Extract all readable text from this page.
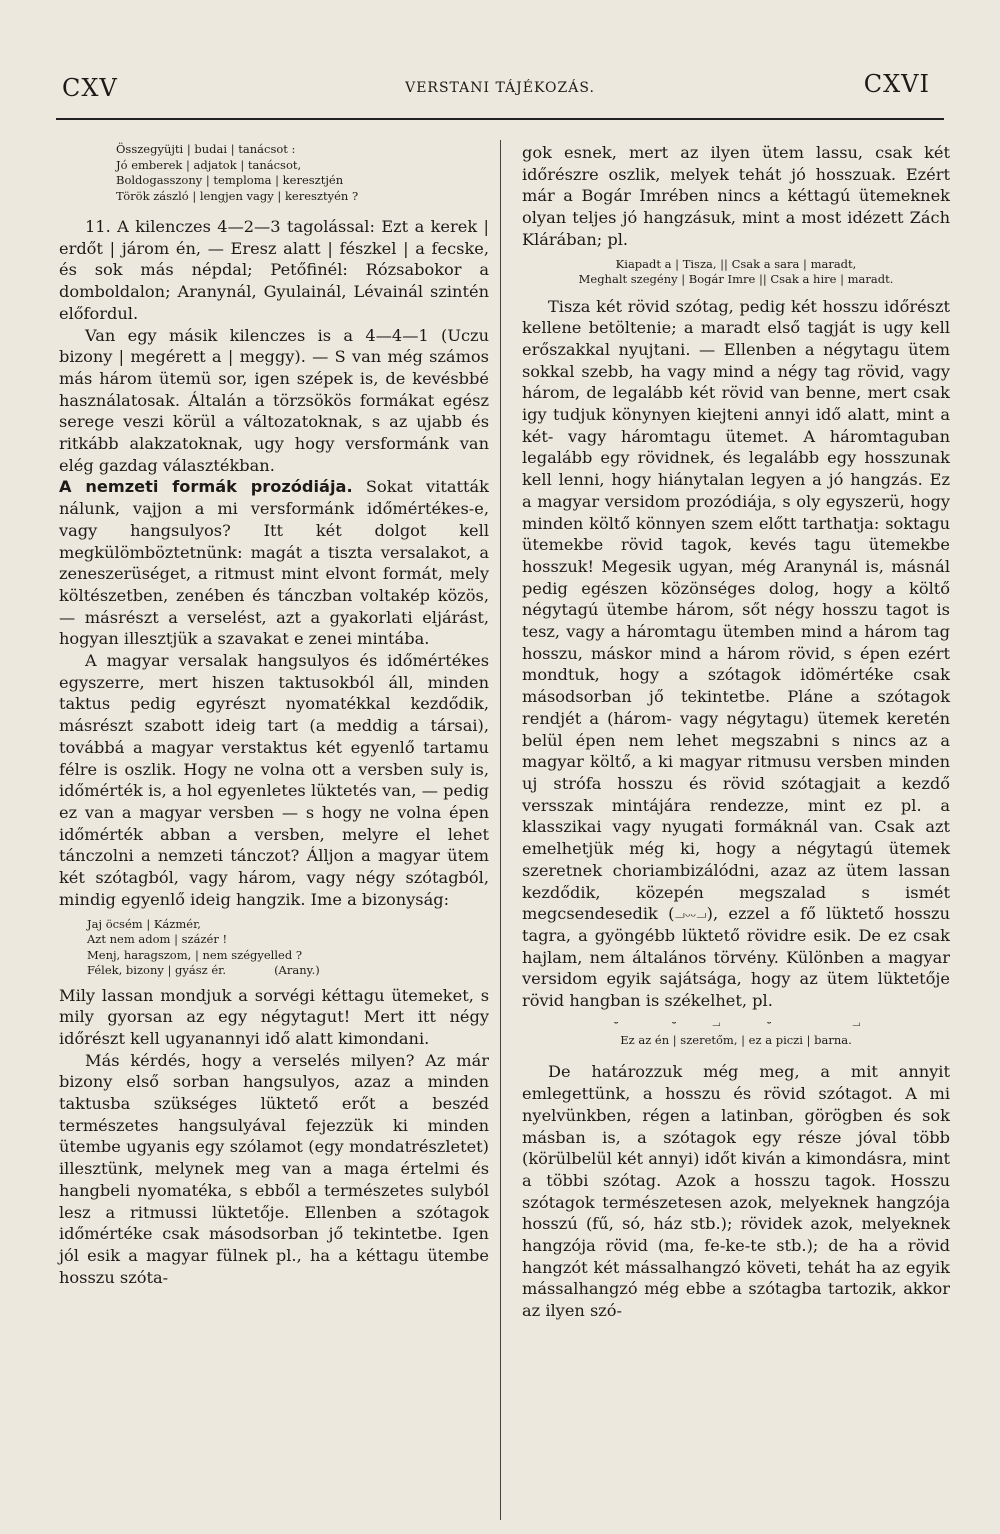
CXV	VERSTANI TÁJÉKOZÁS.	CXVI
Összegyüjti | budai | tanácsot :
Jó emberek | adjatok | tanácsot,
Boldogasszony | temploma | keresztjén
Török zászló | lengjen vagy | keresztyén ?

11. A kilenczes 4—2—3 tagolással: Ezt a kerek | erdőt | járom én, — Eresz alatt | fészkel | a fecske, és sok más népdal; Petőfinél: Rózsabokor a domboldalon; Aranynál, Gyulainál, Lévainál szintén előfordul.

Van egy másik kilenczes is a 4—4—1 (Uczu bizony | megérett a | meggy). — S van még számos más három ütemü sor, igen szépek is, de kevésbbé használatosak. Általán a törzsökös formákat egész serege veszi körül a változatoknak, s az ujabb és ritkább alakzatoknak, ugy hogy versformánk van elég gazdag választékban.

A nemzeti formák prozódiája. Sokat vitatták nálunk, vajjon a mi versformánk időmértékes-e, vagy hangsulyos? Itt két dolgot kell megkülömböztetnünk: magát a tiszta versalakot, a zeneszerüséget, a ritmust mint elvont formát, mely költészetben, zenében és tánczban voltakép közös, — másrészt a verselést, azt a gyakorlati eljárást, hogyan illesztjük a szavakat e zenei mintába.

A magyar versalak hangsulyos és időmértékes egyszerre, mert hiszen taktusokból áll, minden taktus pedig egyrészt nyomatékkal kezdődik, másrészt szabott ideig tart (a meddig a társai), továbbá a magyar verstaktus két egyenlő tartamu félre is oszlik. Hogy ne volna ott a versben suly is, időmérték is, a hol egyenletes lüktetés van, — pedig ez van a magyar versben — s hogy ne volna épen időmérték abban a versben, melyre el lehet tánczolni a nemzeti tánczot? Álljon a magyar ütem két szótagból, vagy három, vagy négy szótagból, mindig egyenlő ideig hangzik. Ime a bizonyság:

Jaj öcsém | Kázmér,
Azt nem adom | százér !
Menj, haragszom, | nem szégyelled ?
Félek, bizony | gyász ér.	(Arany.)

Mily lassan mondjuk a sorvégi kéttagu ütemeket, s mily gyorsan az egy négytagut! Mert itt négy időrészt kell ugyanannyi idő alatt kimondani.

Más kérdés, hogy a verselés milyen? Az már bizony első sorban hangsulyos, azaz a minden taktusba szükséges lüktető erőt a beszéd természetes hangsulyával fejezzük ki minden ütembe ugyanis egy szólamot (egy mondatrészletet) illesztünk, melynek meg van a maga értelmi és hangbeli nyomatéka, s ebből a természetes sulyból lesz a ritmussi lüktetője. Ellenben a szótagok időmértéke csak másodsorban jő tekintetbe. Igen jól esik a magyar fülnek pl., ha a kéttagu ütembe hosszu szóta-

gok esnek, mert az ilyen ütem lassu, csak két időrészre oszlik, melyek tehát jó hosszuak. Ezért már a Bogár Imrében nincs a kéttagú ütemeknek olyan teljes jó hangzásuk, mint a most idézett Zách Klárában; pl.

Kiapadt a | Tisza, || Csak a sara | maradt,
Meghalt szegény | Bogár Imre || Csak a hire | maradt.

Tisza két rövid szótag, pedig két hosszu időrészt kellene betöltenie; a maradt első tagját is ugy kell erőszakkal nyujtani. — Ellenben a négytagu ütem sokkal szebb, ha vagy mind a négy tag rövid, vagy három, de legalább két rövid van benne, mert csak igy tudjuk könynyen kiejteni annyi idő alatt, mint a két- vagy háromtagu ütemet. A háromtaguban legalább egy rövidnek, és legalább egy hosszunak kell lenni, hogy hiánytalan legyen a jó hangzás. Ez a magyar versidom prozódiája, s oly egyszerü, hogy minden költő könnyen szem előtt tarthatja: soktagu ütemekbe rövid tagok, kevés tagu ütemekbe hosszuk! Megesik ugyan, még Aranynál is, másnál pedig egészen közönséges dolog, hogy a költő négytagú ütembe három, sőt négy hosszu tagot is tesz, vagy a háromtagu ütemben mind a három tag hosszu, máskor mind a három rövid, s épen ezért mondtuk, hogy a szótagok idömértéke csak másodsorban jő tekintetbe. Pláne a szótagok rendjét a (három- vagy négytagu) ütemek keretén belül épen nem lehet megszabni s nincs az a magyar költő, a ki magyar ritmusu versben minden uj strófa hosszu és rövid szótagjait a kezdő versszak mintájára rendezze, mint ez pl. a klasszikai vagy nyugati formáknál van. Csak azt emelhetjük még ki, hogy a négytagú ütemek szeretnek choriambizálódni, azaz az ütem lassan kezdődik, közepén megszalad s ismét megcsendesedik (⏗⏑⏑⏗), ezzel a fő lüktető hosszu tagra, a gyöngébb lüktető rövidre esik. De ez csak hajlam, nem általános törvény. Különben a magyar versidom egyik sajátsága, hogy az ütem lüktetője rövid hangban is székelhet, pl.

⏑	⏑	⏗	⏑	⏗
Ez az én | szeretőm, | ez a piczi | barna.

De határozzuk még meg, a mit annyit emlegettünk, a hosszu és rövid szótagot. A mi nyelvünkben, régen a latinban, görögben és sok másban is, a szótagok egy része jóval több (körülbelül két annyi) időt kiván a kimondásra, mint a többi szótag. Azok a hosszu tagok. Hosszu szótagok természetesen azok, melyeknek hangzója hosszú (fű, só, ház stb.); rövidek azok, melyeknek hangzója rövid (ma, fe-ke-te stb.); de ha a rövid hangzót két mássalhangzó követi, tehát ha az egyik mássalhangzó még ebbe a szótagba tartozik, akkor az ilyen szó-
